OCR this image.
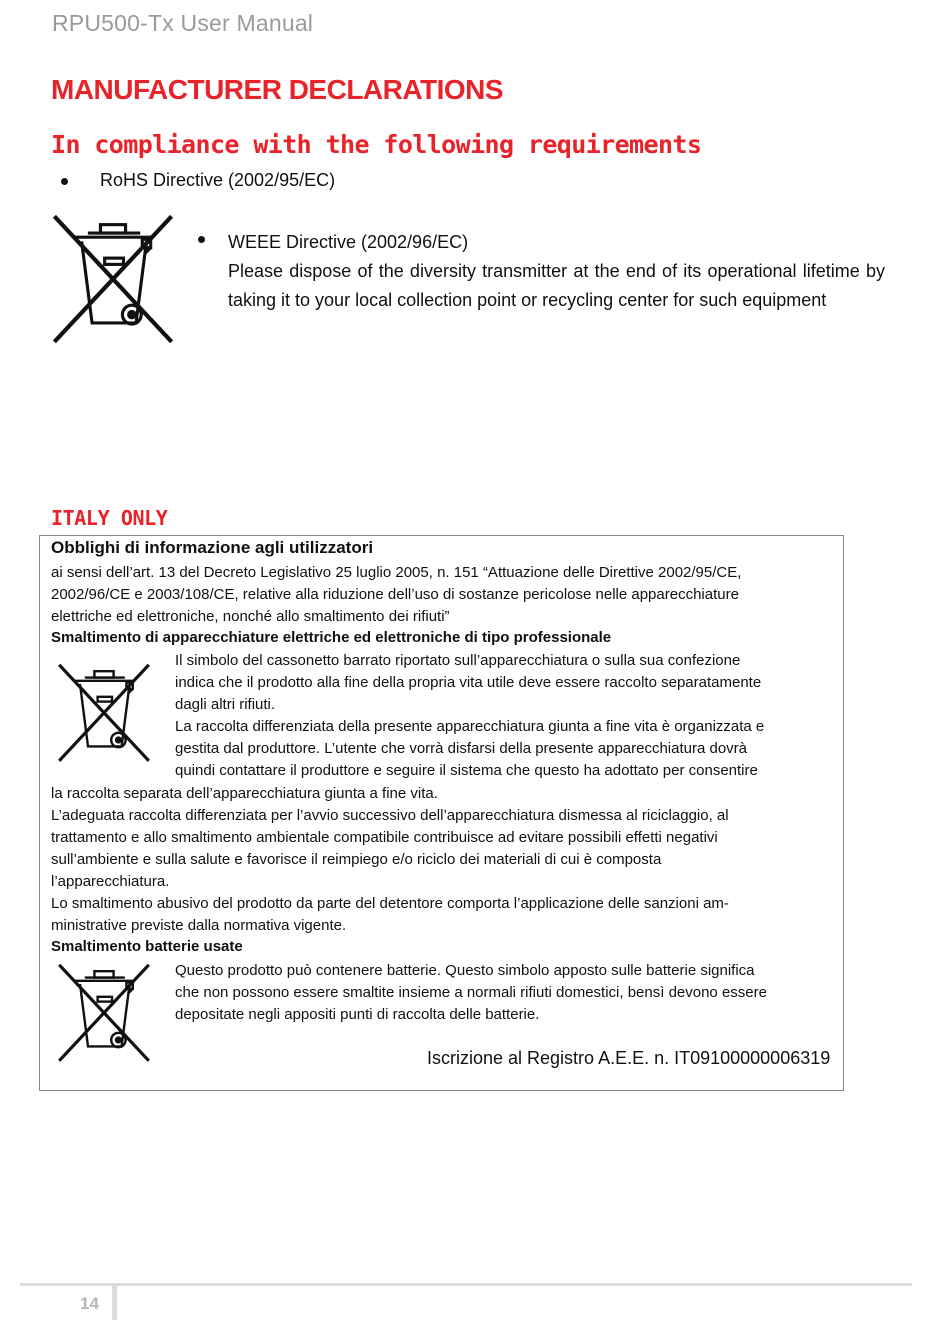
RPU500-Tx User Manual
MANUFACTURER DECLARATIONS
In compliance with the following requirements
RoHS Directive (2002/95/EC)
WEEE Directive (2002/96/EC)
Please dispose of the diversity transmitter at the end of its operational lifetime by taking it to your local collection point or recycling center for such equipment
ITALY ONLY
Obblighi di informazione agli utilizzatori
ai sensi dell’art. 13 del Decreto Legislativo 25 luglio 2005, n. 151 “Attuazione delle Direttive 2002/95/CE,
2002/96/CE e 2003/108/CE, relative alla riduzione dell’uso di sostanze pericolose nelle apparecchiature
elettriche ed elettroniche, nonché allo smaltimento dei rifiuti”
Smaltimento di apparecchiature elettriche ed elettroniche di tipo professionale
Il simbolo del cassonetto barrato riportato sull’apparecchiatura o sulla sua confezione
indica che il prodotto alla fine della propria vita utile deve essere raccolto separatamente
dagli altri rifiuti.
La raccolta differenziata della presente apparecchiatura giunta a fine vita è organizzata e
gestita dal produttore. L’utente che vorrà disfarsi della presente apparecchiatura dovrà
quindi contattare il produttore e seguire il sistema che questo ha adottato per consentire
la raccolta separata dell’apparecchiatura giunta a fine vita.
L’adeguata raccolta differenziata per l’avvio successivo dell’apparecchiatura dismessa al riciclaggio, al
trattamento e allo smaltimento ambientale compatibile contribuisce ad evitare possibili effetti negativi
sull’ambiente e sulla salute e favorisce il reimpiego e/o riciclo dei materiali di cui è composta
l’apparecchiatura.
Lo smaltimento abusivo del prodotto da parte del detentore comporta l’applicazione delle sanzioni am-
ministrative previste dalla normativa vigente.
Smaltimento batterie usate
Questo prodotto può contenere batterie. Questo simbolo apposto sulle batterie significa
che non possono essere smaltite insieme a normali rifiuti domestici, bensì devono essere
depositate negli appositi punti di raccolta delle batterie.
Iscrizione al Registro A.E.E. n. IT09100000006319
14
